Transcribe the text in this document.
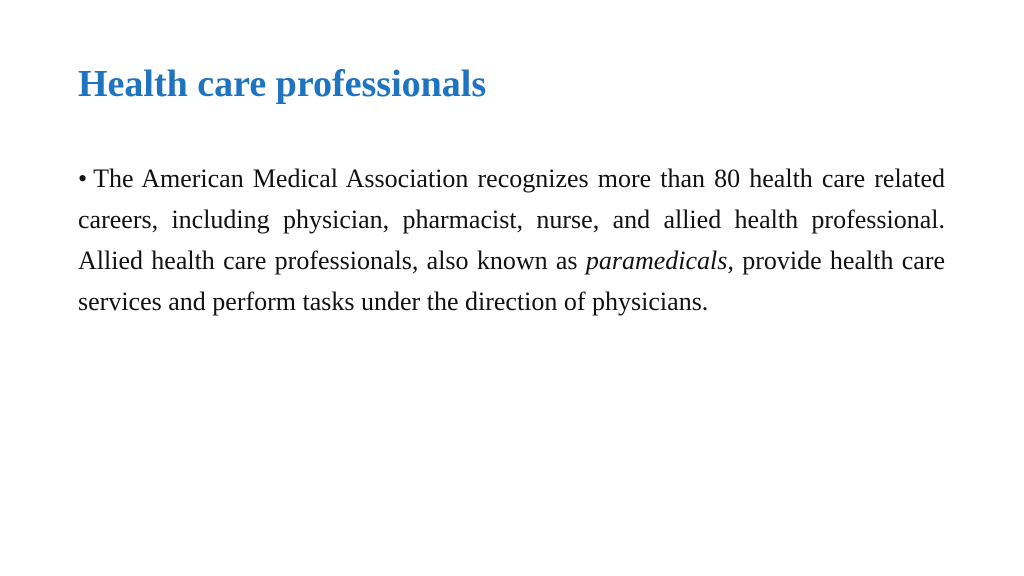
Health care professionals

• The American Medical Association recognizes more than 80 health care related careers, including physician, pharmacist, nurse, and allied health professional. Allied health care professionals, also known as paramedicals, provide health care services and perform tasks under the direction of physicians.
